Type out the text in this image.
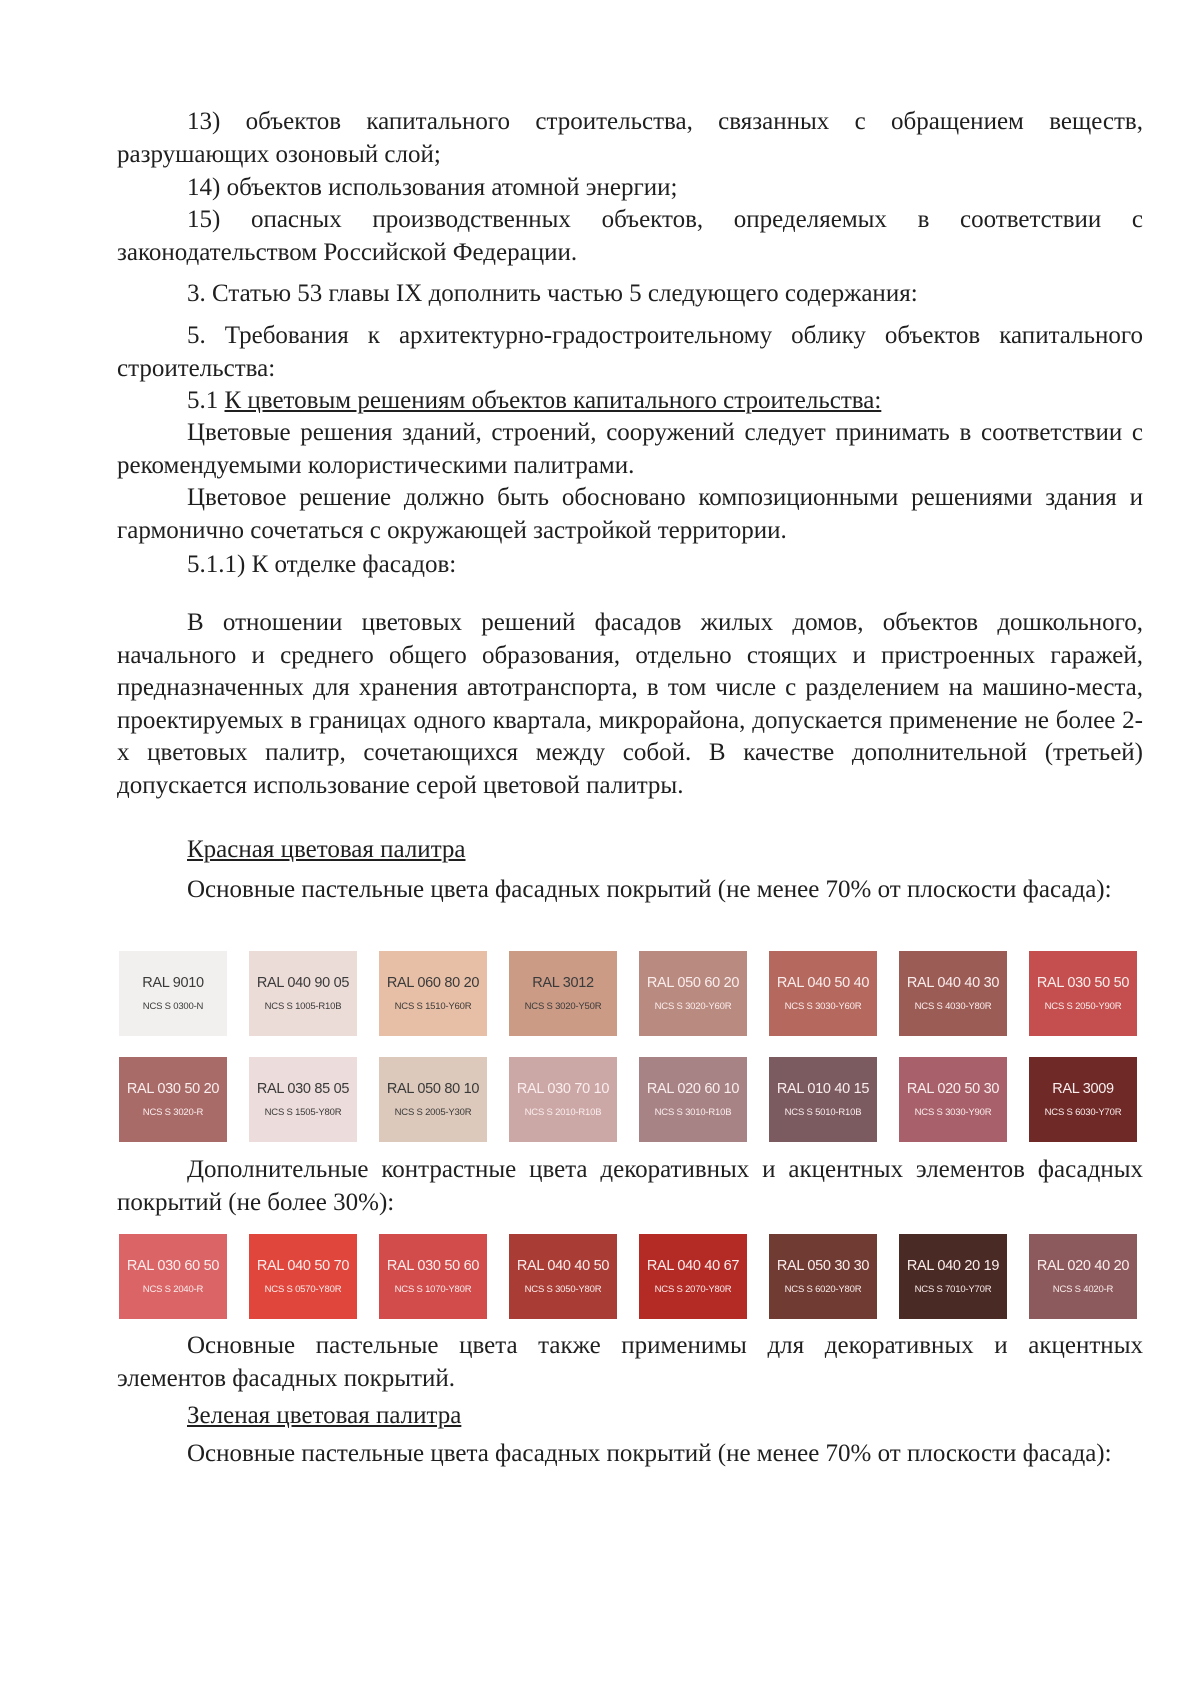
13) объектов капитального строительства, связанных с обращением веществ, разрушающих озоновый слой;

14) объектов использования атомной энергии;

15) опасных производственных объектов, определяемых в соответствии с законодательством Российской Федерации.

3. Статью 53 главы IX дополнить частью 5 следующего содержания:

5. Требования к архитектурно-градостроительному облику объектов капитального строительства:

5.1 К цветовым решениям объектов капитального строительства:

Цветовые решения зданий, строений, сооружений следует принимать в соответствии с рекомендуемыми колористическими палитрами.

Цветовое решение должно быть обосновано композиционными решениями здания и гармонично сочетаться с окружающей застройкой территории.

5.1.1) К отделке фасадов:

В отношении цветовых решений фасадов жилых домов, объектов дошкольного, начального и среднего общего образования, отдельно стоящих и пристроенных гаражей, предназначенных для хранения автотранспорта, в том числе с разделением на машино-места, проектируемых в границах одного квартала, микрорайона, допускается применение не более 2-х цветовых палитр, сочетающихся между собой. В качестве дополнительной (третьей) допускается использование серой цветовой палитры.

Красная цветовая палитра

Основные пастельные цвета фасадных покрытий (не менее 70% от плоскости фасада):

RAL 9010
NCS S 0300-N
RAL 040 90 05
NCS S 1005-R10B
RAL 060 80 20
NCS S 1510-Y60R
RAL 3012
NCS S 3020-Y50R
RAL 050 60 20
NCS S 3020-Y60R
RAL 040 50 40
NCS S 3030-Y60R
RAL 040 40 30
NCS S 4030-Y80R
RAL 030 50 50
NCS S 2050-Y90R
RAL 030 50 20
NCS S 3020-R
RAL 030 85 05
NCS S 1505-Y80R
RAL 050 80 10
NCS S 2005-Y30R
RAL 030 70 10
NCS S 2010-R10B
RAL 020 60 10
NCS S 3010-R10B
RAL 010 40 15
NCS S 5010-R10B
RAL 020 50 30
NCS S 3030-Y90R
RAL 3009
NCS S 6030-Y70R

Дополнительные контрастные цвета декоративных и акцентных элементов фасадных покрытий (не более 30%):

RAL 030 60 50
NCS S 2040-R
RAL 040 50 70
NCS S 0570-Y80R
RAL 030 50 60
NCS S 1070-Y80R
RAL 040 40 50
NCS S 3050-Y80R
RAL 040 40 67
NCS S 2070-Y80R
RAL 050 30 30
NCS S 6020-Y80R
RAL 040 20 19
NCS S 7010-Y70R
RAL 020 40 20
NCS S 4020-R

Основные пастельные цвета также применимы для декоративных и акцентных элементов фасадных покрытий.

Зеленая цветовая палитра

Основные пастельные цвета фасадных покрытий (не менее 70% от плоскости фасада):
